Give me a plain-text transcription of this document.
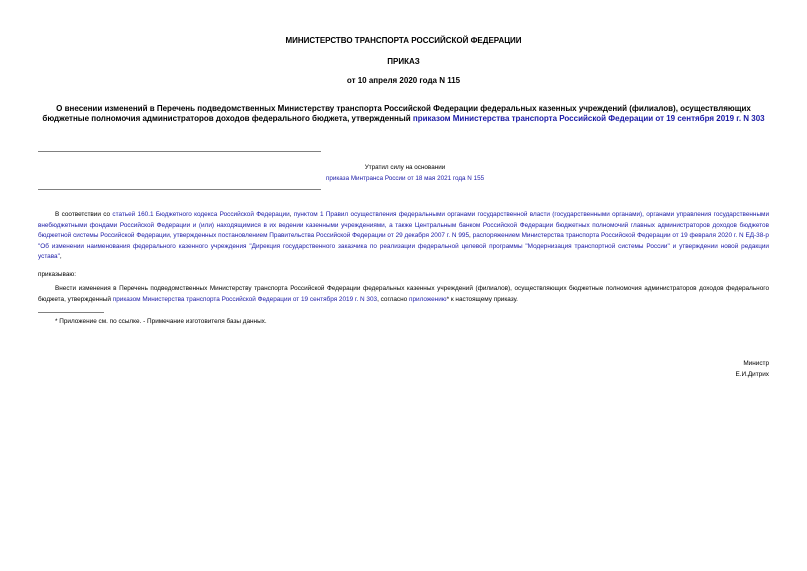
МИНИСТЕРСТВО ТРАНСПОРТА РОССИЙСКОЙ ФЕДЕРАЦИИ
ПРИКАЗ
от 10 апреля 2020 года N 115
О внесении изменений в Перечень подведомственных Министерству транспорта Российской Федерации федеральных казенных учреждений (филиалов), осуществляющих бюджетные полномочия администраторов доходов федерального бюджета, утвержденный приказом Министерства транспорта Российской Федерации от 19 сентября 2019 г. N 303
Утратил силу на основании
приказа Минтранса России от 18 мая 2021 года N 155

В соответствии со статьей 160.1 Бюджетного кодекса Российской Федерации, пунктом 1 Правил осуществления федеральными органами государственной власти (государственными органами), органами управления государственными внебюджетными фондами Российской Федерации и (или) находящимися в их ведении казенными учреждениями, а также Центральным банком Российской Федерации бюджетных полномочий главных администраторов доходов бюджетов бюджетной системы Российской Федерации, утвержденных постановлением Правительства Российской Федерации от 29 декабря 2007 г. N 995, распоряжением Министерства транспорта Российской Федерации от 19 февраля 2020 г. N ЕД-38-р "Об изменении наименования федерального казенного учреждения "Дирекция государственного заказчика по реализации федеральной целевой программы "Модернизация транспортной системы России" и утверждении новой редакции устава",

приказываю:

Внести изменения в Перечень подведомственных Министерству транспорта Российской Федерации федеральных казенных учреждений (филиалов), осуществляющих бюджетные полномочия администраторов доходов федерального бюджета, утвержденный приказом Министерства транспорта Российской Федерации от 19 сентября 2019 г. N 303, согласно приложению* к настоящему приказу.

* Приложение см. по ссылке. - Примечание изготовителя базы данных.
Министр
Е.И.Дитрих
